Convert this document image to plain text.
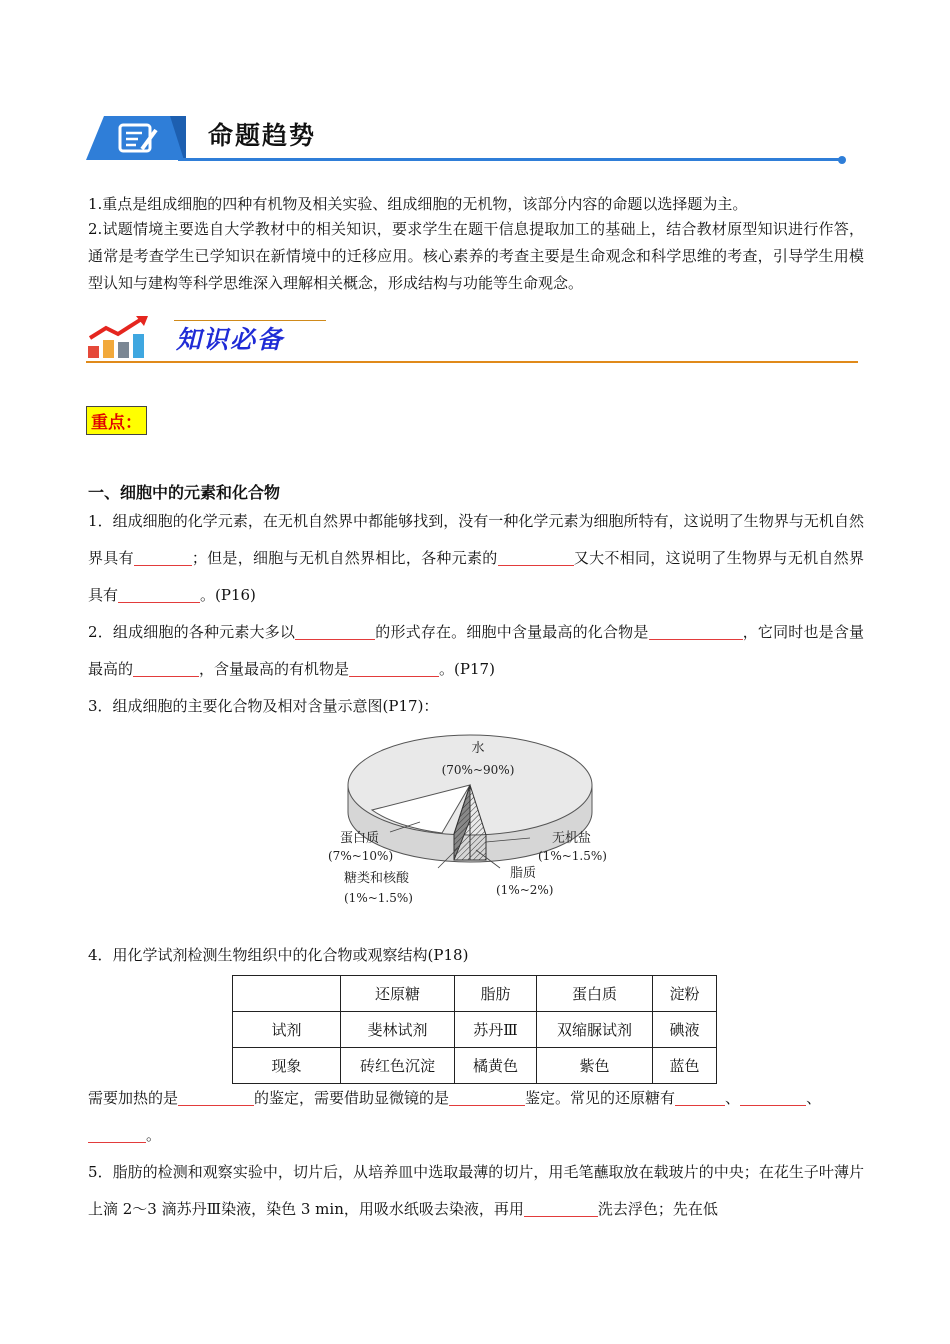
命题趋势
1.重点是组成细胞的四种有机物及相关实验、组成细胞的无机物，该部分内容的命题以选择题为主。
2.试题情境主要选自大学教材中的相关知识，要求学生在题干信息提取加工的基础上，结合教材原型知识进行作答，通常是考查学生已学知识在新情境中的迁移应用。核心素养的考查主要是生命观念和科学思维的考查，引导学生用模型认知与建构等科学思维深入理解相关概念，形成结构与功能等生命观念。
知识必备
重点：
一、细胞中的元素和化合物
1．组成细胞的化学元素，在无机自然界中都能够找到，没有一种化学元素为细胞所特有，这说明了生物界与无机自然界具有	；但是，细胞与无机自然界相比，各种元素的	又大不相同，这说明了生物界与无机自然界具有	。(P16)
2．组成细胞的各种元素大多以	的形式存在。细胞中含量最高的化合物是	，它同时也是含量最高的	，含量最高的有机物是	。(P17)
3．组成细胞的主要化合物及相对含量示意图(P17)：
水
(70%~90%)
蛋白质
(7%~10%)
无机盐
(1%~1.5%)
糖类和核酸
(1%~1.5%)
脂质
(1%~2%)
4．用化学试剂检测生物组织中的化合物或观察结构(P18)
	还原糖	脂肪	蛋白质	淀粉
试剂	斐林试剂	苏丹Ⅲ	双缩脲试剂	碘液
现象	砖红色沉淀	橘黄色	紫色	蓝色
需要加热的是	的鉴定，需要借助显微镜的是	鉴定。常见的还原糖有	、	、
。
5．脂肪的检测和观察实验中，切片后，从培养皿中选取最薄的切片，用毛笔蘸取放在载玻片的中央；在花生子叶薄片上滴 2～3 滴苏丹Ⅲ染液，染色 3 min，用吸水纸吸去染液，再用	洗去浮色；先在低
